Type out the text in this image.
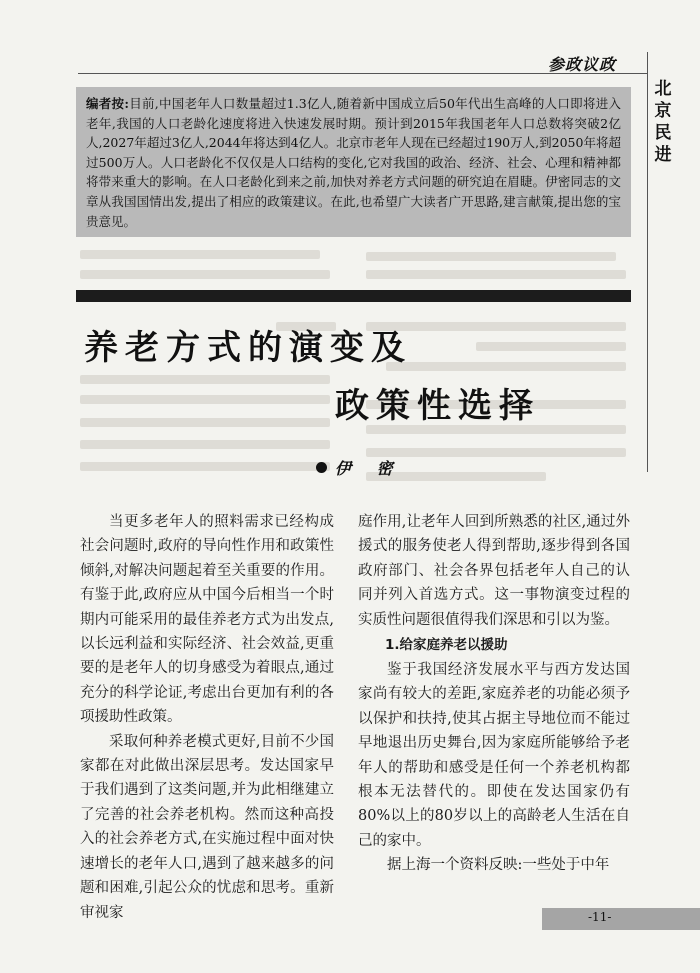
参政议政
北京民进
编者按:目前,中国老年人口数量超过1.3亿人,随着新中国成立后50年代出生高峰的人口即将进入老年,我国的人口老龄化速度将进入快速发展时期。预计到2015年我国老年人口总数将突破2亿人,2027年超过3亿人,2044年将达到4亿人。北京市老年人现在已经超过190万人,到2050年将超过500万人。人口老龄化不仅仅是人口结构的变化,它对我国的政治、经济、社会、心理和精神都将带来重大的影响。在人口老龄化到来之前,加快对养老方式问题的研究迫在眉睫。伊密同志的文章从我国国情出发,提出了相应的政策建议。在此,也希望广大读者广开思路,建言献策,提出您的宝贵意见。
养老方式的演变及
政策性选择
伊 密

当更多老年人的照料需求已经构成社会问题时,政府的导向性作用和政策性倾斜,对解决问题起着至关重要的作用。有鉴于此,政府应从中国今后相当一个时期内可能采用的最佳养老方式为出发点,以长远利益和实际经济、社会效益,更重要的是老年人的切身感受为着眼点,通过充分的科学论证,考虑出台更加有利的各项援助性政策。

采取何种养老模式更好,目前不少国家都在对此做出深层思考。发达国家早于我们遇到了这类问题,并为此相继建立了完善的社会养老机构。然而这种高投入的社会养老方式,在实施过程中面对快速增长的老年人口,遇到了越来越多的问题和困难,引起公众的忧虑和思考。重新审视家

庭作用,让老年人回到所熟悉的社区,通过外援式的服务使老人得到帮助,逐步得到各国政府部门、社会各界包括老年人自己的认同并列入首选方式。这一事物演变过程的实质性问题很值得我们深思和引以为鉴。

1.给家庭养老以援助

鉴于我国经济发展水平与西方发达国家尚有较大的差距,家庭养老的功能必须予以保护和扶持,使其占据主导地位而不能过早地退出历史舞台,因为家庭所能够给予老年人的帮助和感受是任何一个养老机构都根本无法替代的。即使在发达国家仍有80%以上的80岁以上的高龄老人生活在自己的家中。

据上海一个资料反映:一些处于中年

-11-
